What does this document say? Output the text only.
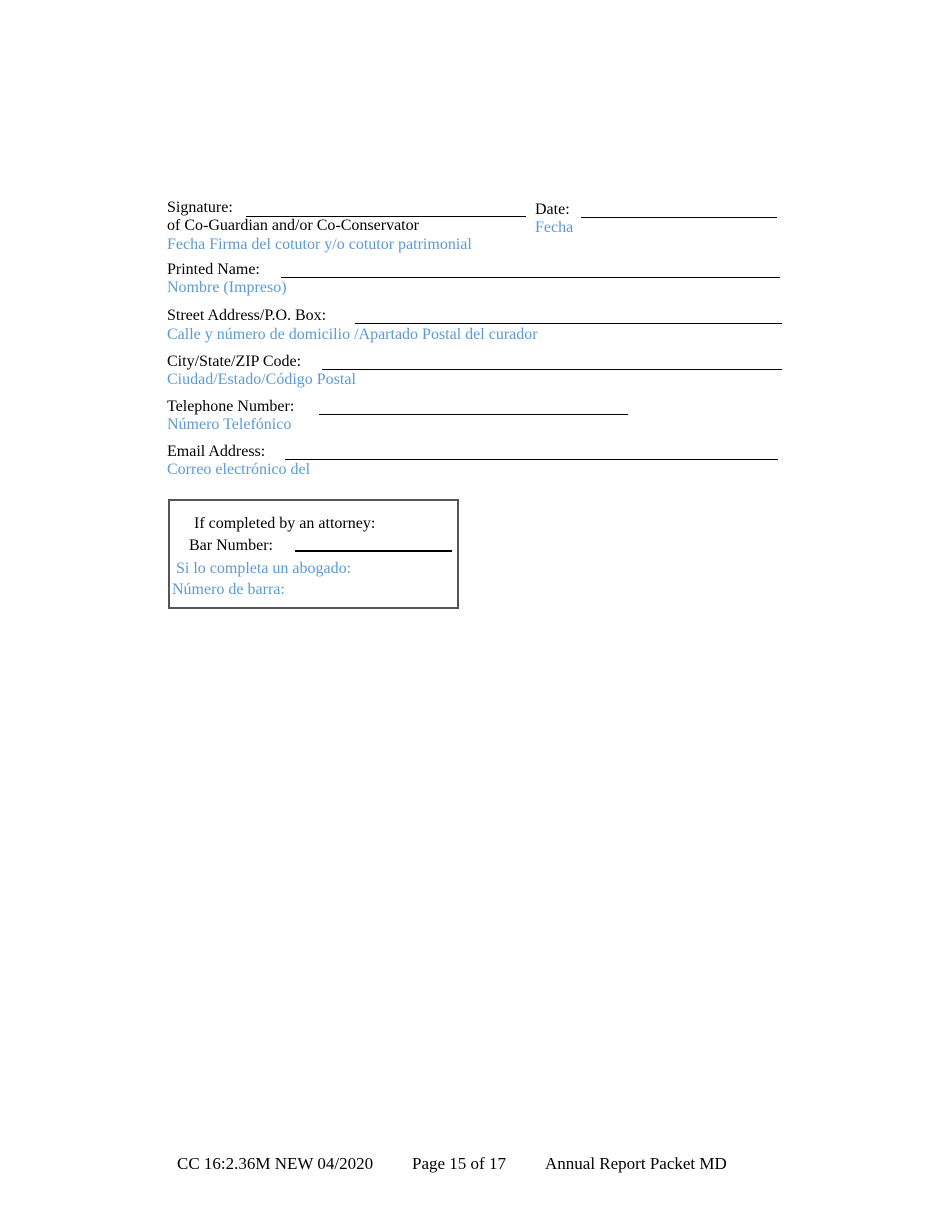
Signature:
of Co-Guardian and/or Co-Conservator
Fecha Firma del cotutor y/o cotutor patrimonial
Date:
Fecha
Printed Name:
Nombre (Impreso)
Street Address/P.O. Box:
Calle y número de domicilio /Apartado Postal del curador
City/State/ZIP Code:
Ciudad/Estado/Código Postal
Telephone Number:
Número Telefónico
Email Address:
Correo electrónico del
If completed by an attorney:
Bar Number:
Si lo completa un abogado:
Número de barra:
CC 16:2.36M NEW 04/2020 Page 15 of 17 Annual Report Packet MD
